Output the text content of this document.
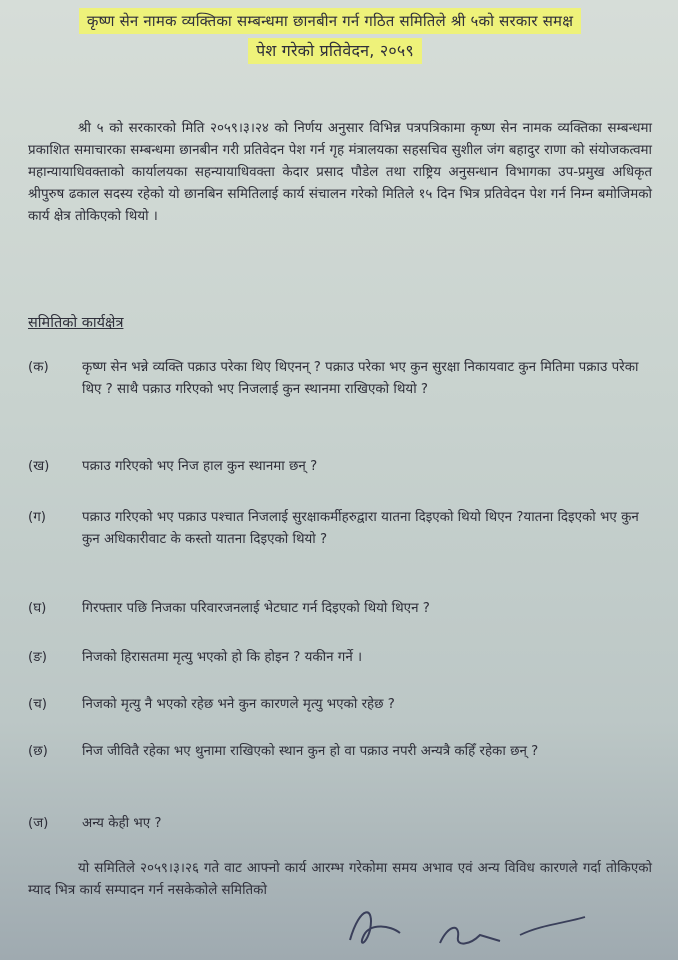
कृष्ण सेन नामक व्यक्तिका सम्बन्धमा छानबीन गर्न गठित समितिले श्री ५को सरकार समक्ष
पेश गरेको प्रतिवेदन, २०५९

श्री ५ को सरकारको मिति २०५९।३।२४ को निर्णय अनुसार विभिन्न पत्रपत्रिकामा कृष्ण सेन नामक व्यक्तिका सम्बन्धमा प्रकाशित समाचारका सम्बन्धमा छानबीन गरी प्रतिवेदन पेश गर्न गृह मंत्रालयका सहसचिव सुशील जंग बहादुर राणा को संयोजकत्वमा महान्यायाधिवक्ताको कार्यालयका सहन्यायाधिवक्ता केदार प्रसाद पौडेल तथा राष्ट्रिय अनुसन्धान विभागका उप-प्रमुख अधिकृत श्रीपुरुष ढकाल सदस्य रहेको यो छानबिन समितिलाई कार्य संचालन गरेको मितिले १५ दिन भित्र प्रतिवेदन पेश गर्न निम्न बमोजिमको कार्य क्षेत्र तोकिएको थियो ।

समितिको कार्यक्षेत्र
(क)	कृष्ण सेन भन्ने व्यक्ति पक्राउ परेका थिए थिएनन् ? पक्राउ परेका भए कुन सुरक्षा निकायवाट कुन मितिमा पक्राउ परेका थिए ? साथै पक्राउ गरिएको भए निजलाई कुन स्थानमा राखिएको थियो ?
(ख)	पक्राउ गरिएको भए निज हाल कुन स्थानमा छन् ?
(ग)	पक्राउ गरिएको भए पक्राउ पश्चात निजलाई सुरक्षाकर्मीहरुद्वारा यातना दिइएको थियो थिएन ?यातना दिइएको भए कुन कुन अधिकारीवाट के कस्तो यातना दिइएको थियो ?
(घ)	गिरफ्तार पछि निजका परिवारजनलाई भेटघाट गर्न दिइएको थियो थिएन ?
(ङ)	निजको हिरासतमा मृत्यु भएको हो कि होइन ? यकीन गर्ने ।
(च)	निजको मृत्यु नै भएको रहेछ भने कुन कारणले मृत्यु भएको रहेछ ?
(छ)	निज जीवितै रहेका भए थुनामा राखिएको स्थान कुन हो वा पक्राउ नपरी अन्यत्रै कहिँ रहेका छन् ?
(ज)	अन्य केही भए ?

यो समितिले २०५९।३।२६ गते वाट आफ्नो कार्य आरम्भ गरेकोमा समय अभाव एवं अन्य विविध कारणले गर्दा तोकिएको म्याद भित्र कार्य सम्पादन गर्न नसकेकोले समितिको
